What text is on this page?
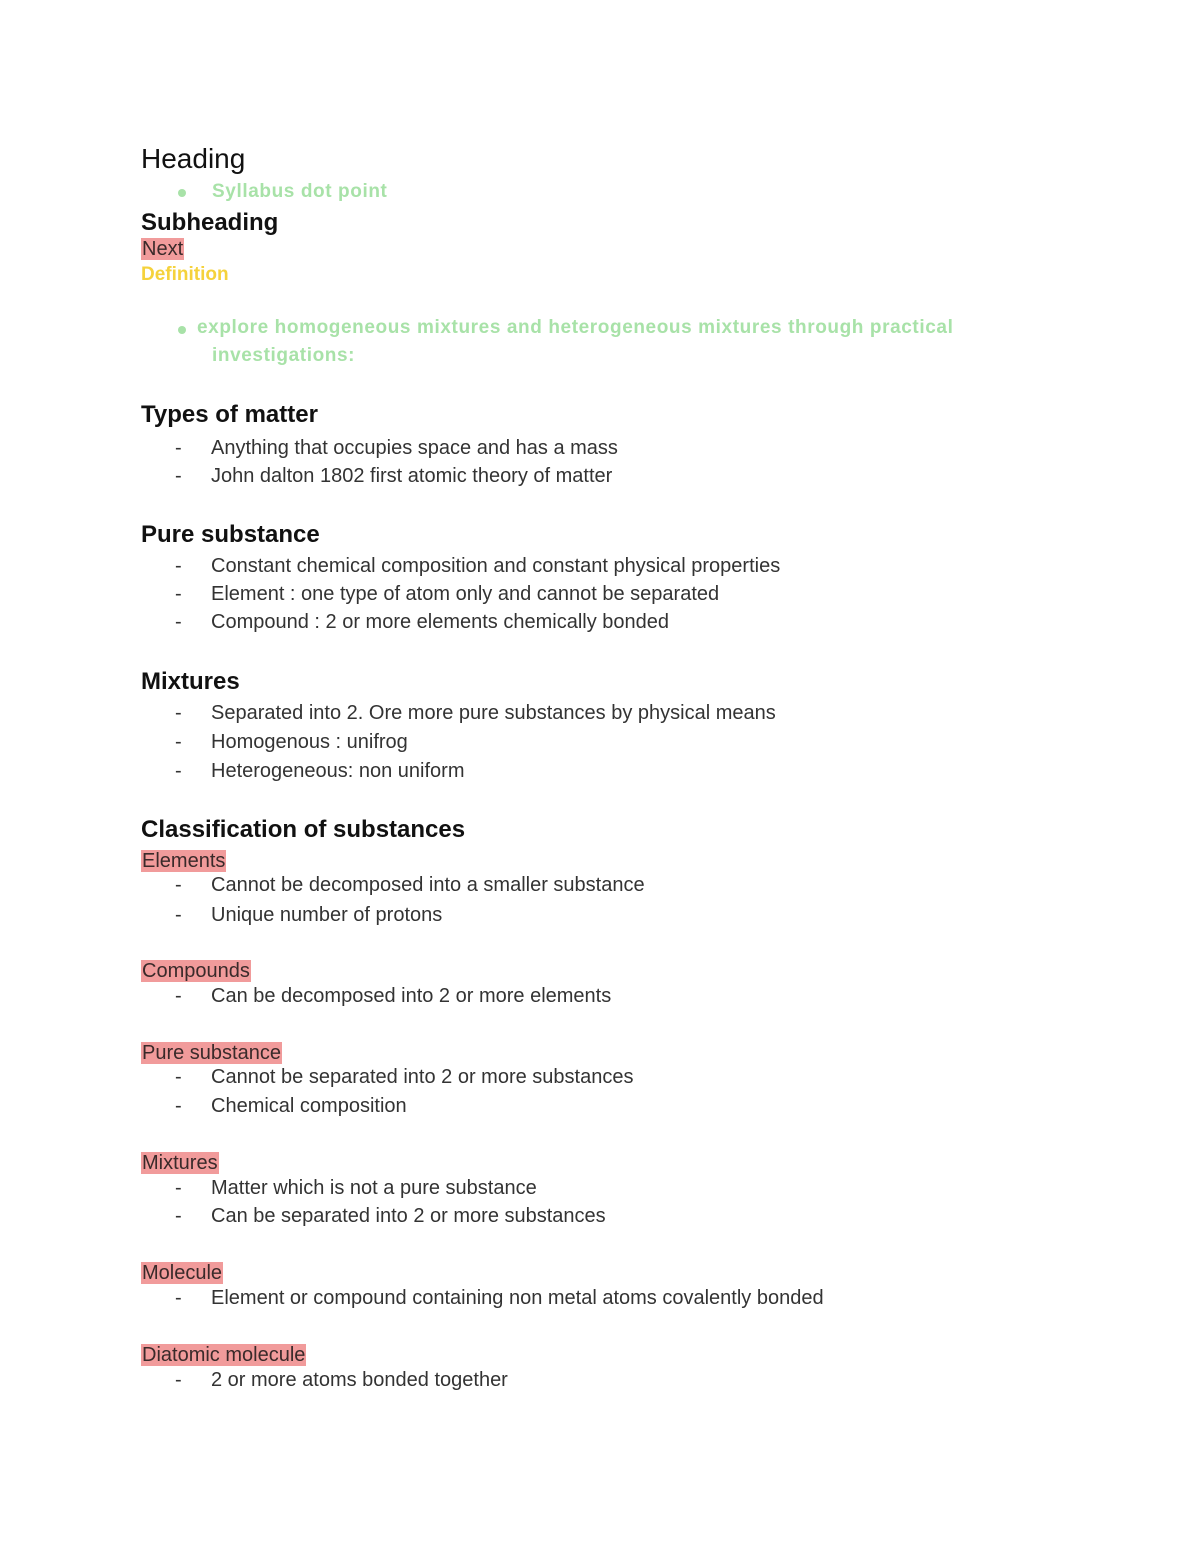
Heading
Syllabus dot point
Subheading
Next
Definition
explore homogeneous mixtures and heterogeneous mixtures through practical
investigations:
Types of matter
- Anything that occupies space and has a mass
- John dalton 1802 first atomic theory of matter
Pure substance
- Constant chemical composition and constant physical properties
- Element : one type of atom only and cannot be separated
- Compound : 2 or more elements chemically bonded
Mixtures
- Separated into 2. Ore more pure substances by physical means
- Homogenous : unifrog
- Heterogeneous: non uniform
Classification of substances
Elements
- Cannot be decomposed into a smaller substance
- Unique number of protons
Compounds
- Can be decomposed into 2 or more elements
Pure substance
- Cannot be separated into 2 or more substances
- Chemical composition
Mixtures
- Matter which is not a pure substance
- Can be separated into 2 or more substances
Molecule
- Element or compound containing non metal atoms covalently bonded
Diatomic molecule
- 2 or more atoms bonded together
